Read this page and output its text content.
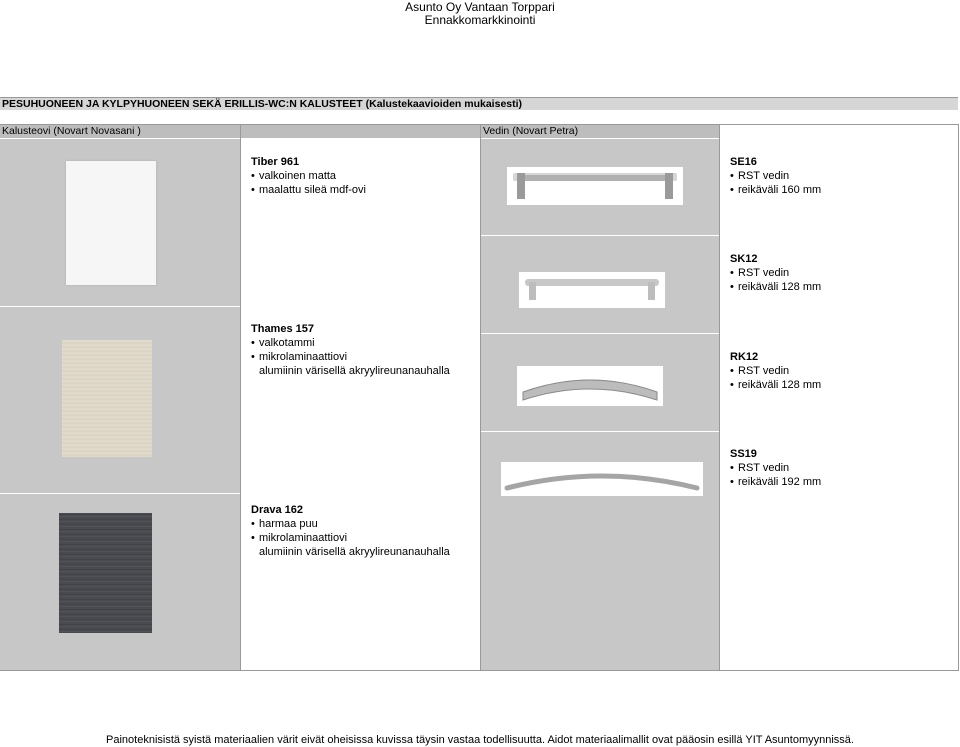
Asunto Oy Vantaan Torppari
Ennakkomarkkinointi
PESUHUONEEN JA KYLPYHUONEEN SEKÄ ERILLIS-WC:N KALUSTEET (Kalustekaavioiden mukaisesti)
Kalusteovi (Novart Novasani )	Vedin (Novart Petra)
Tiber 961
• valkoinen matta
• maalattu sileä mdf-ovi
Thames 157
• valkotammi
• mikrolaminaattiovi
alumiinin värisellä akryylireunanauhalla
Drava 162
• harmaa puu
• mikrolaminaattiovi
alumiinin värisellä akryylireunanauhalla
SE16
• RST vedin
• reikäväli 160 mm
SK12
• RST vedin
• reikäväli 128 mm
RK12
• RST vedin
• reikäväli 128 mm
SS19
• RST vedin
• reikäväli 192 mm
Painoteknisistä syistä materiaalien värit eivät oheisissa kuvissa täysin vastaa todellisuutta. Aidot materiaalimallit ovat pääosin esillä YIT Asuntomyynnissä.
